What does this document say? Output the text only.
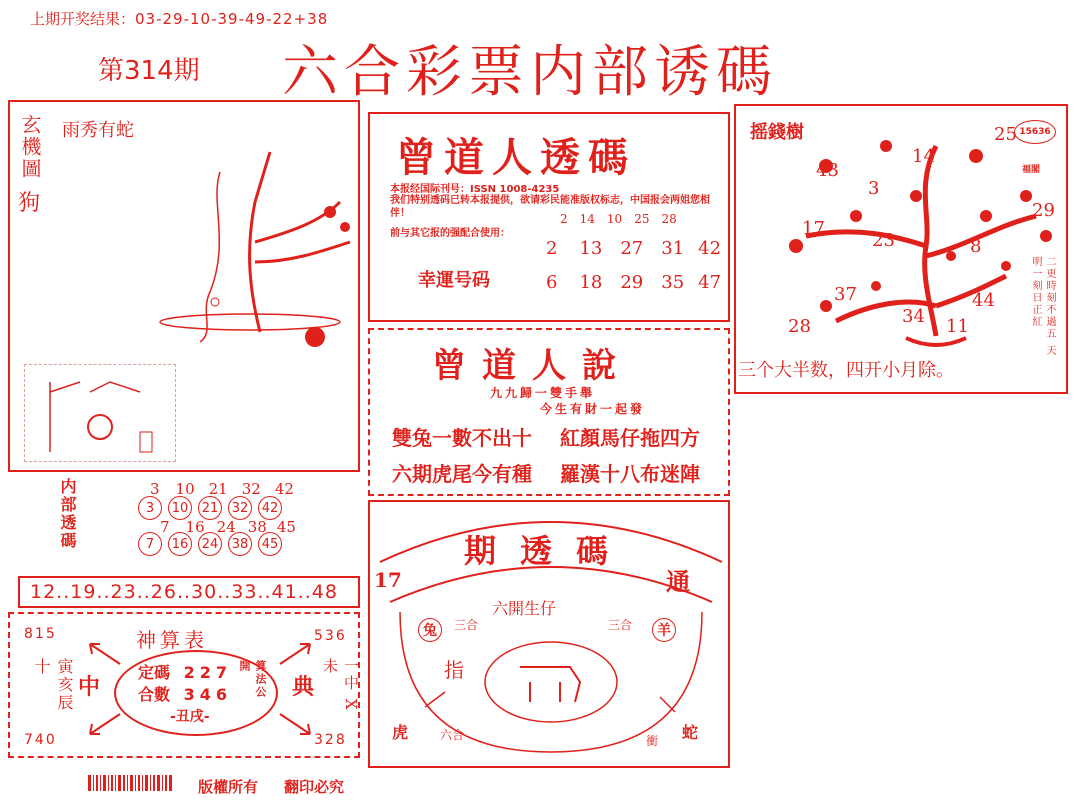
上期开奖结果：03-29-10-39-49-22+38
第314期 六合彩票内部诱碼
玄機圖
狗
雨秀有蛇
内部透碼	3 10 21 32 42
3 10 21 32 42
7 16 24 38 45
7 16 24 38 45
12..19..23..26..30..33..41..48
815	536
740	328
神算表
寅亥辰十
中	典	一中 X未
定碼 227
合數 346	算法公開
-丑戌-
曾道人透碼
本报经国际刊号：ISSN 1008-4235
我们特别透码已转本报提供，欲请彩民能准版权标志，中国报会两姐您相伴！
前与其它报的强配合使用：
幸運号码
2 14 10 25 28
2 13 27 31 42
6 18 29 35 47
曾道人說
九九歸一雙手舉
今生有財一起發
雙兔一數不出十 紅顏馬仔拖四方
六期虎尾今有種 羅漢十八布迷陣
期透碼
17	通
六開生仔
三合	三合
兔	羊
指
虎	六合	衝 蛇
摇錢樹	15636
福閣
43
3
14
25
29
17
23	8
37	44
28	34 11	二更時刻不過五 天明一刻日正紅
三个大半数，四开小月除。
版權所有 翻印必究
